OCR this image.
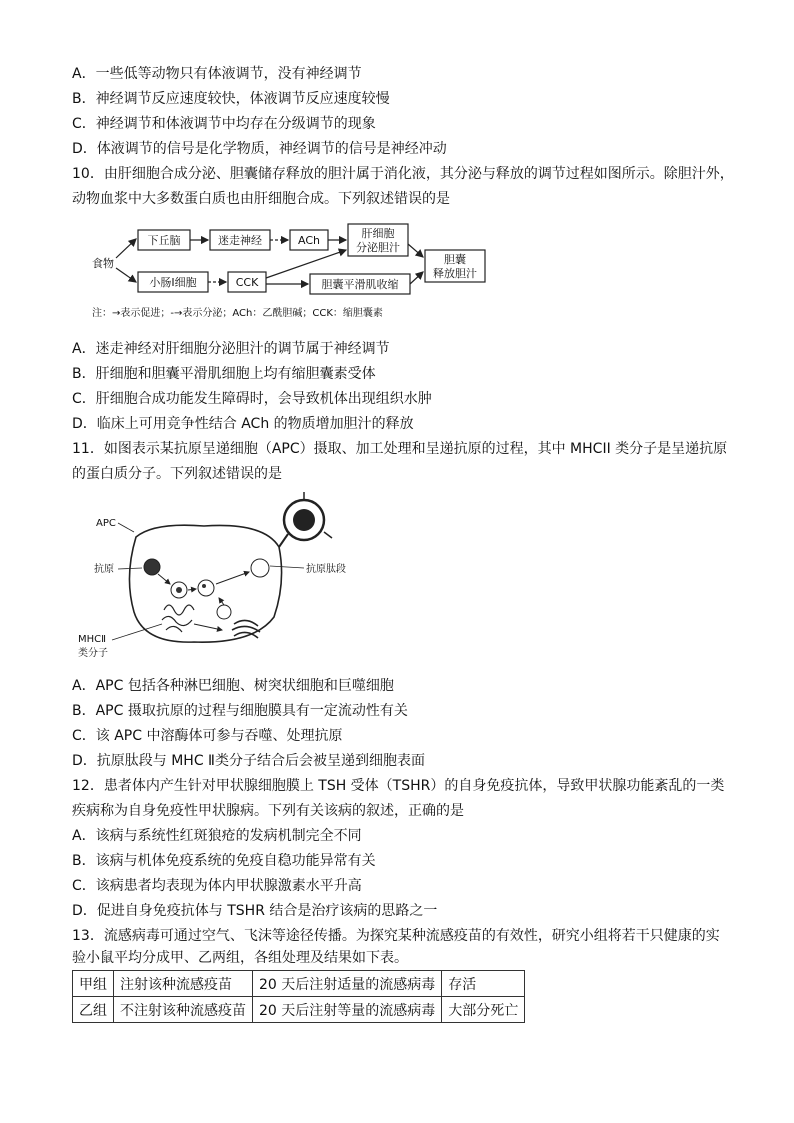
A．一些低等动物只有体液调节，没有神经调节
B．神经调节反应速度较快，体液调节反应速度较慢
C．神经调节和体液调节中均存在分级调节的现象
D．体液调节的信号是化学物质，神经调节的信号是神经冲动
10．由肝细胞合成分泌、胆囊储存释放的胆汁属于消化液，其分泌与释放的调节过程如图所示。除胆汁外，
动物血浆中大多数蛋白质也由肝细胞合成。下列叙述错误的是
食物
下丘脑	迷走神经	ACh
肝细胞
分泌胆汁
小肠Ⅰ细胞	CCK	胆囊平滑肌收缩
胆囊
释放胆汁
注：→表示促进；-→表示分泌；ACh：乙酰胆碱；CCK：缩胆囊素
A．迷走神经对肝细胞分泌胆汁的调节属于神经调节
B．肝细胞和胆囊平滑肌细胞上均有缩胆囊素受体
C．肝细胞合成功能发生障碍时，会导致机体出现组织水肿
D．临床上可用竞争性结合 ACh 的物质增加胆汁的释放
11．如图表示某抗原呈递细胞（APC）摄取、加工处理和呈递抗原的过程，其中 MHCII 类分子是呈递抗原
的蛋白质分子。下列叙述错误的是
APC
抗原	抗原肽段
MHCⅡ
类分子
A．APC 包括各种淋巴细胞、树突状细胞和巨噬细胞
B．APC 摄取抗原的过程与细胞膜具有一定流动性有关
C．该 APC 中溶酶体可参与吞噬、处理抗原
D．抗原肽段与 MHC Ⅱ类分子结合后会被呈递到细胞表面
12．患者体内产生针对甲状腺细胞膜上 TSH 受体（TSHR）的自身免疫抗体，导致甲状腺功能紊乱的一类
疾病称为自身免疫性甲状腺病。下列有关该病的叙述，正确的是
A．该病与系统性红斑狼疮的发病机制完全不同
B．该病与机体免疫系统的免疫自稳功能异常有关
C．该病患者均表现为体内甲状腺激素水平升高
D．促进自身免疫抗体与 TSHR 结合是治疗该病的思路之一
13．流感病毒可通过空气、飞沫等途径传播。为探究某种流感疫苗的有效性，研究小组将若干只健康的实
验小鼠平均分成甲、乙两组，各组处理及结果如下表。
甲组	注射该种流感疫苗	20 天后注射适量的流感病毒	存活
乙组	不注射该种流感疫苗	20 天后注射等量的流感病毒	大部分死亡
